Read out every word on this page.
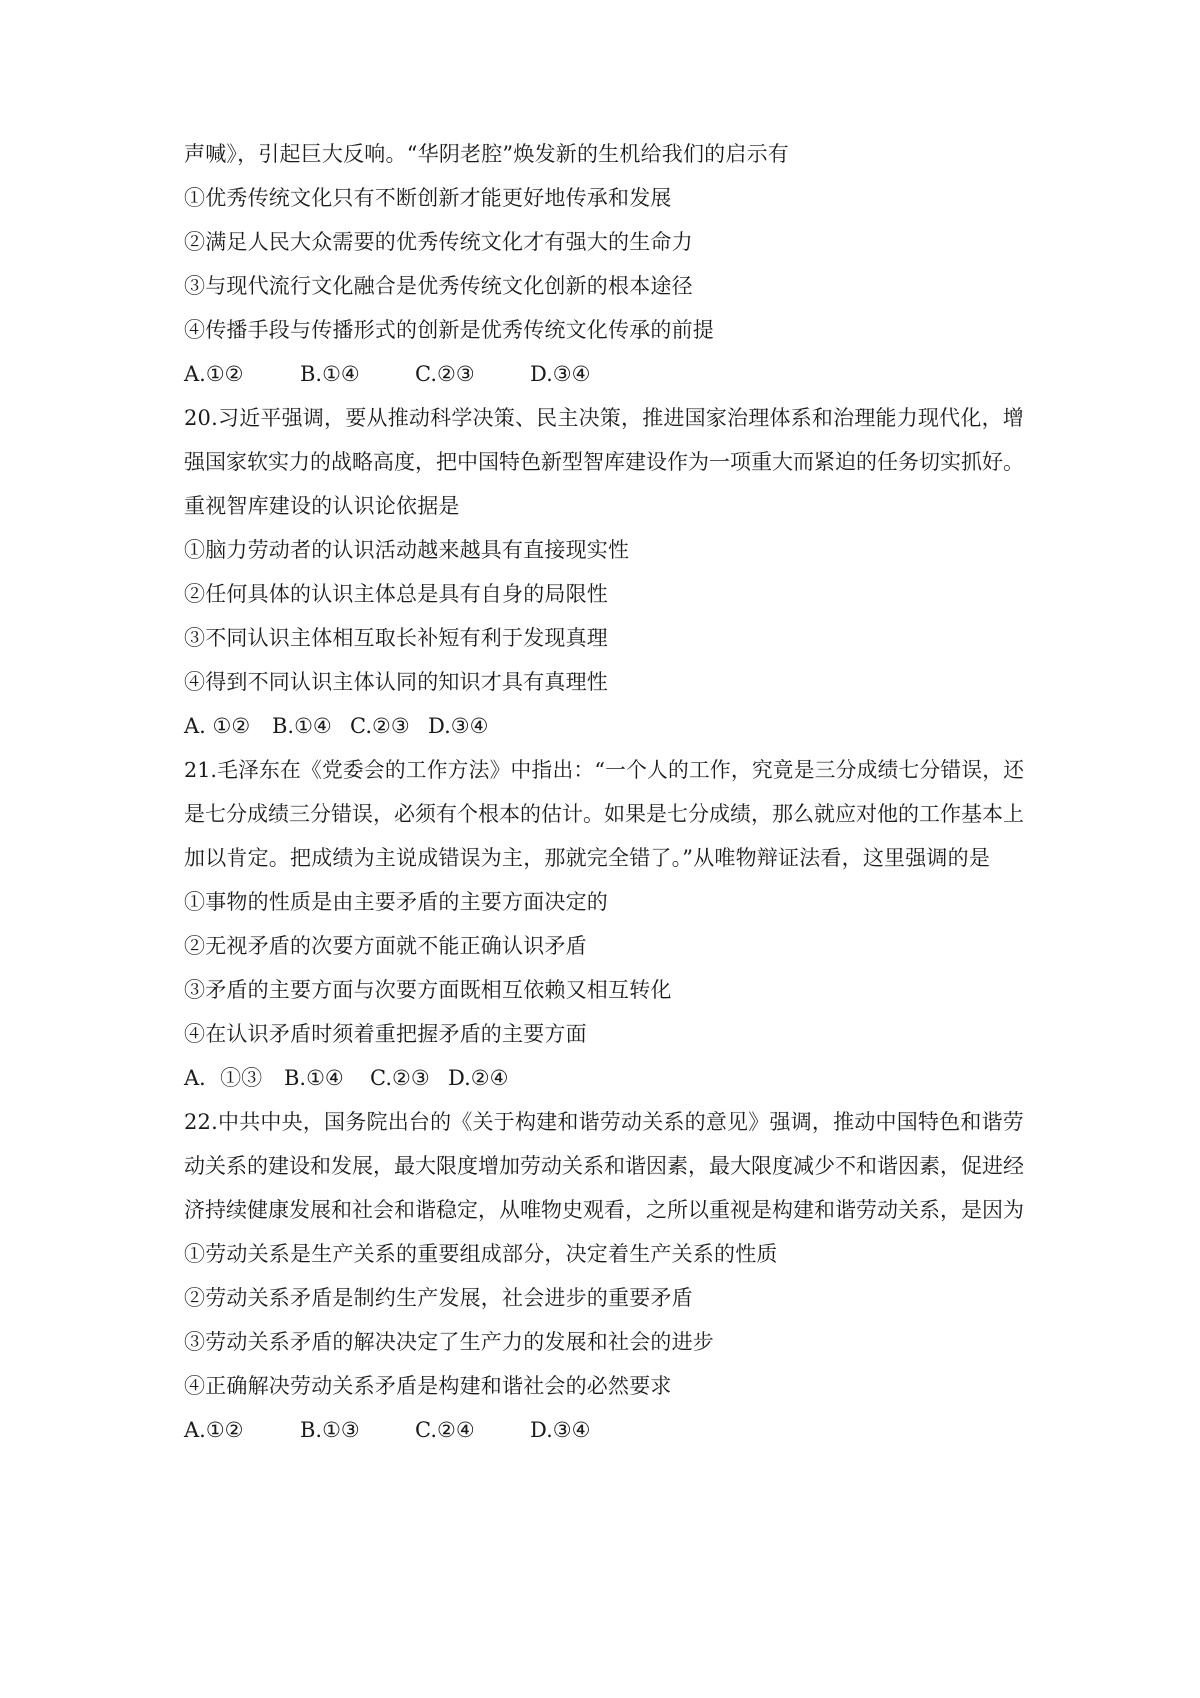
声喊》，引起巨大反响。“华阴老腔”焕发新的生机给我们的启示有
①优秀传统文化只有不断创新才能更好地传承和发展
②满足人民大众需要的优秀传统文化才有强大的生命力
③与现代流行文化融合是优秀传统文化创新的根本途径
④传播手段与传播形式的创新是优秀传统文化传承的前提
A.①②	B.①④	C.②③	D.③④
20.习近平强调，要从推动科学决策、民主决策，推进国家治理体系和治理能力现代化，增
强国家软实力的战略高度，把中国特色新型智库建设作为一项重大而紧迫的任务切实抓好。
重视智库建设的认识论依据是
①脑力劳动者的认识活动越来越具有直接现实性
②任何具体的认识主体总是具有自身的局限性
③不同认识主体相互取长补短有利于发现真理
④得到不同认识主体认同的知识才具有真理性
A. ①② B.①④ C.②③ D.③④
21.毛泽东在《党委会的工作方法》中指出：“一个人的工作，究竟是三分成绩七分错误，还
是七分成绩三分错误，必须有个根本的估计。如果是七分成绩，那么就应对他的工作基本上
加以肯定。把成绩为主说成错误为主，那就完全错了。”从唯物辩证法看，这里强调的是
①事物的性质是由主要矛盾的主要方面决定的
②无视矛盾的次要方面就不能正确认识矛盾
③矛盾的主要方面与次要方面既相互依赖又相互转化
④在认识矛盾时须着重把握矛盾的主要方面
A．①③ B.①④ C.②③ D.②④
22.中共中央，国务院出台的《关于构建和谐劳动关系的意见》强调，推动中国特色和谐劳
动关系的建设和发展，最大限度增加劳动关系和谐因素，最大限度减少不和谐因素，促进经
济持续健康发展和社会和谐稳定，从唯物史观看，之所以重视是构建和谐劳动关系，是因为
①劳动关系是生产关系的重要组成部分，决定着生产关系的性质
②劳动关系矛盾是制约生产发展，社会进步的重要矛盾
③劳动关系矛盾的解决决定了生产力的发展和社会的进步
④正确解决劳动关系矛盾是构建和谐社会的必然要求
A.①②	B.①③	C.②④	D.③④
